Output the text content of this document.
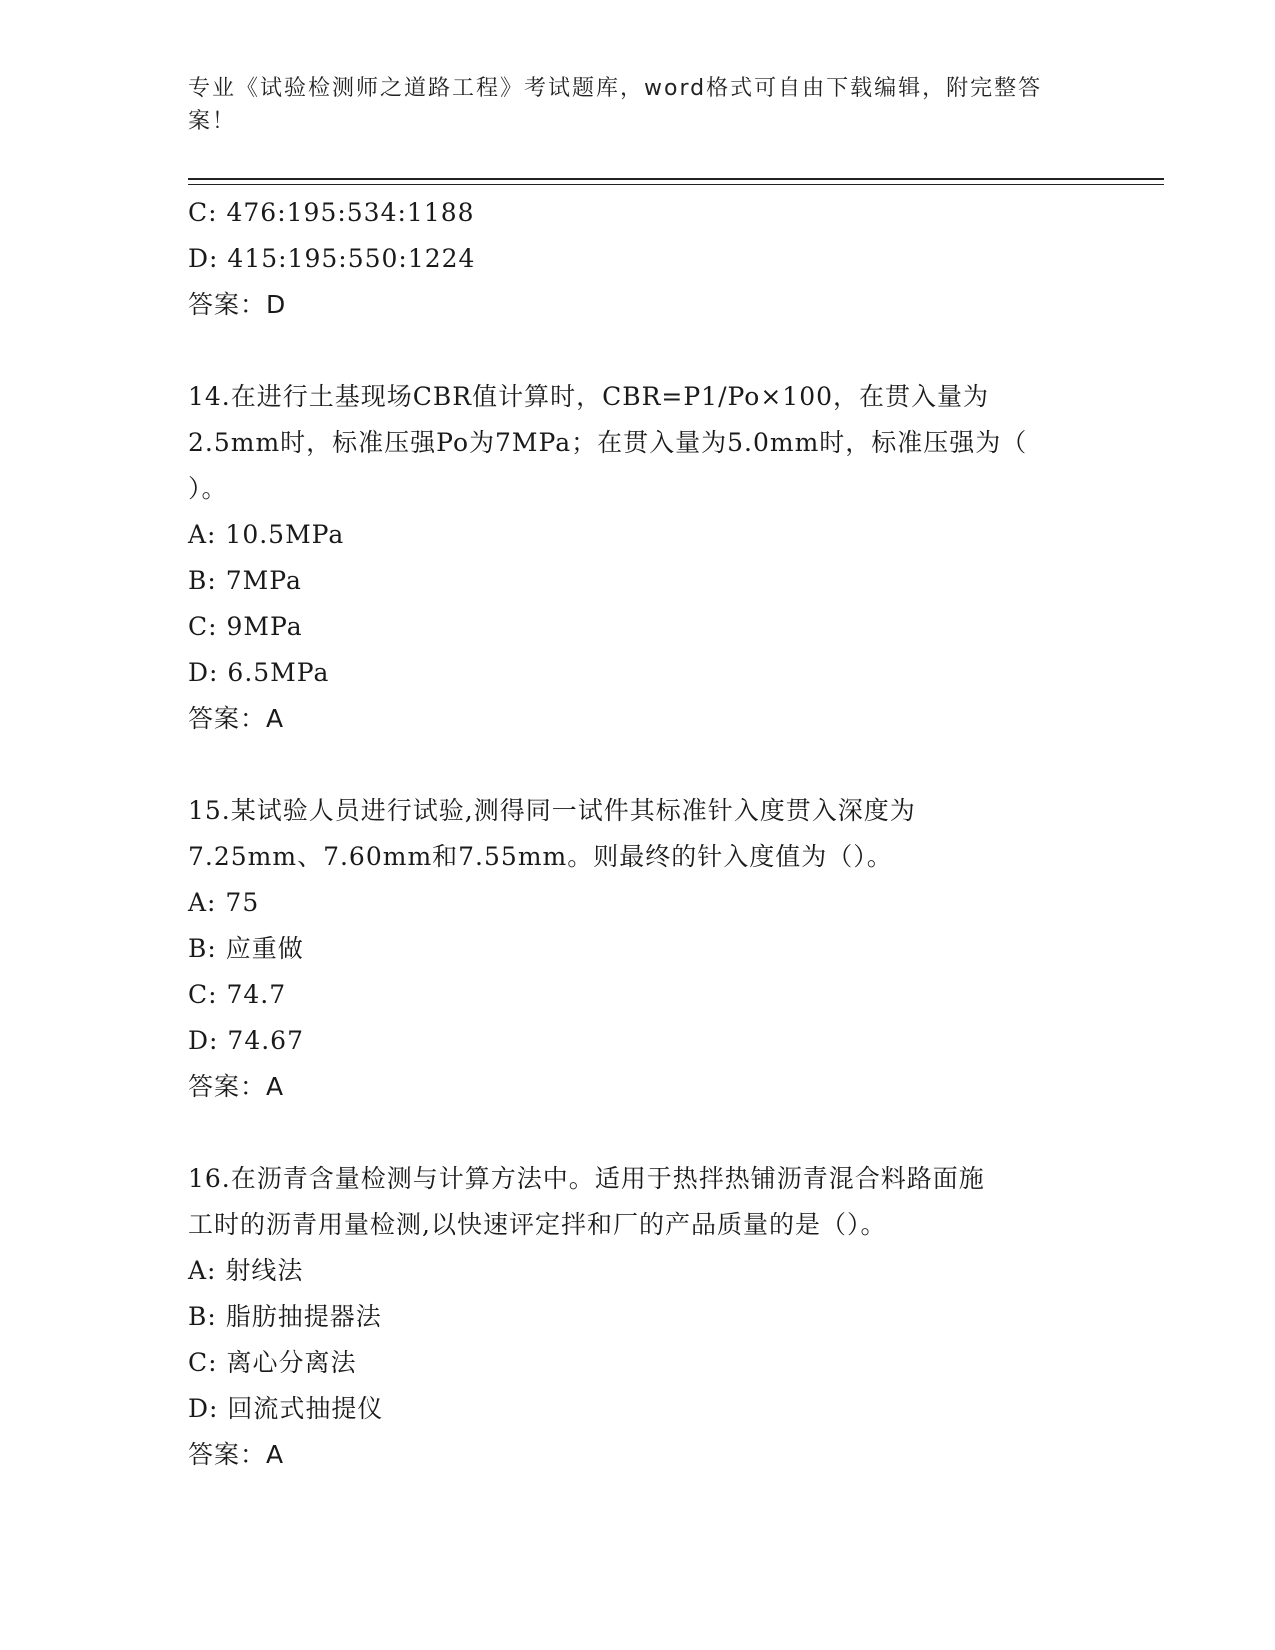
专业《试验检测师之道路工程》考试题库，word格式可自由下载编辑，附完整答
案！
C: 476:195:534:1188
D: 415:195:550:1224
答案：D
14.在进行土基现场CBR值计算时，CBR=P1/Po×100，在贯入量为
2.5mm时，标准压强Po为7MPa；在贯入量为5.0mm时，标准压强为（
）。
A: 10.5MPa
B: 7MPa
C: 9MPa
D: 6.5MPa
答案：A
15.某试验人员进行试验,测得同一试件其标准针入度贯入深度为
7.25mm、7.60mm和7.55mm。则最终的针入度值为（）。
A: 75
B: 应重做
C: 74.7
D: 74.67
答案：A
16.在沥青含量检测与计算方法中。适用于热拌热铺沥青混合料路面施
工时的沥青用量检测,以快速评定拌和厂的产品质量的是（）。
A: 射线法
B: 脂肪抽提器法
C: 离心分离法
D: 回流式抽提仪
答案：A
